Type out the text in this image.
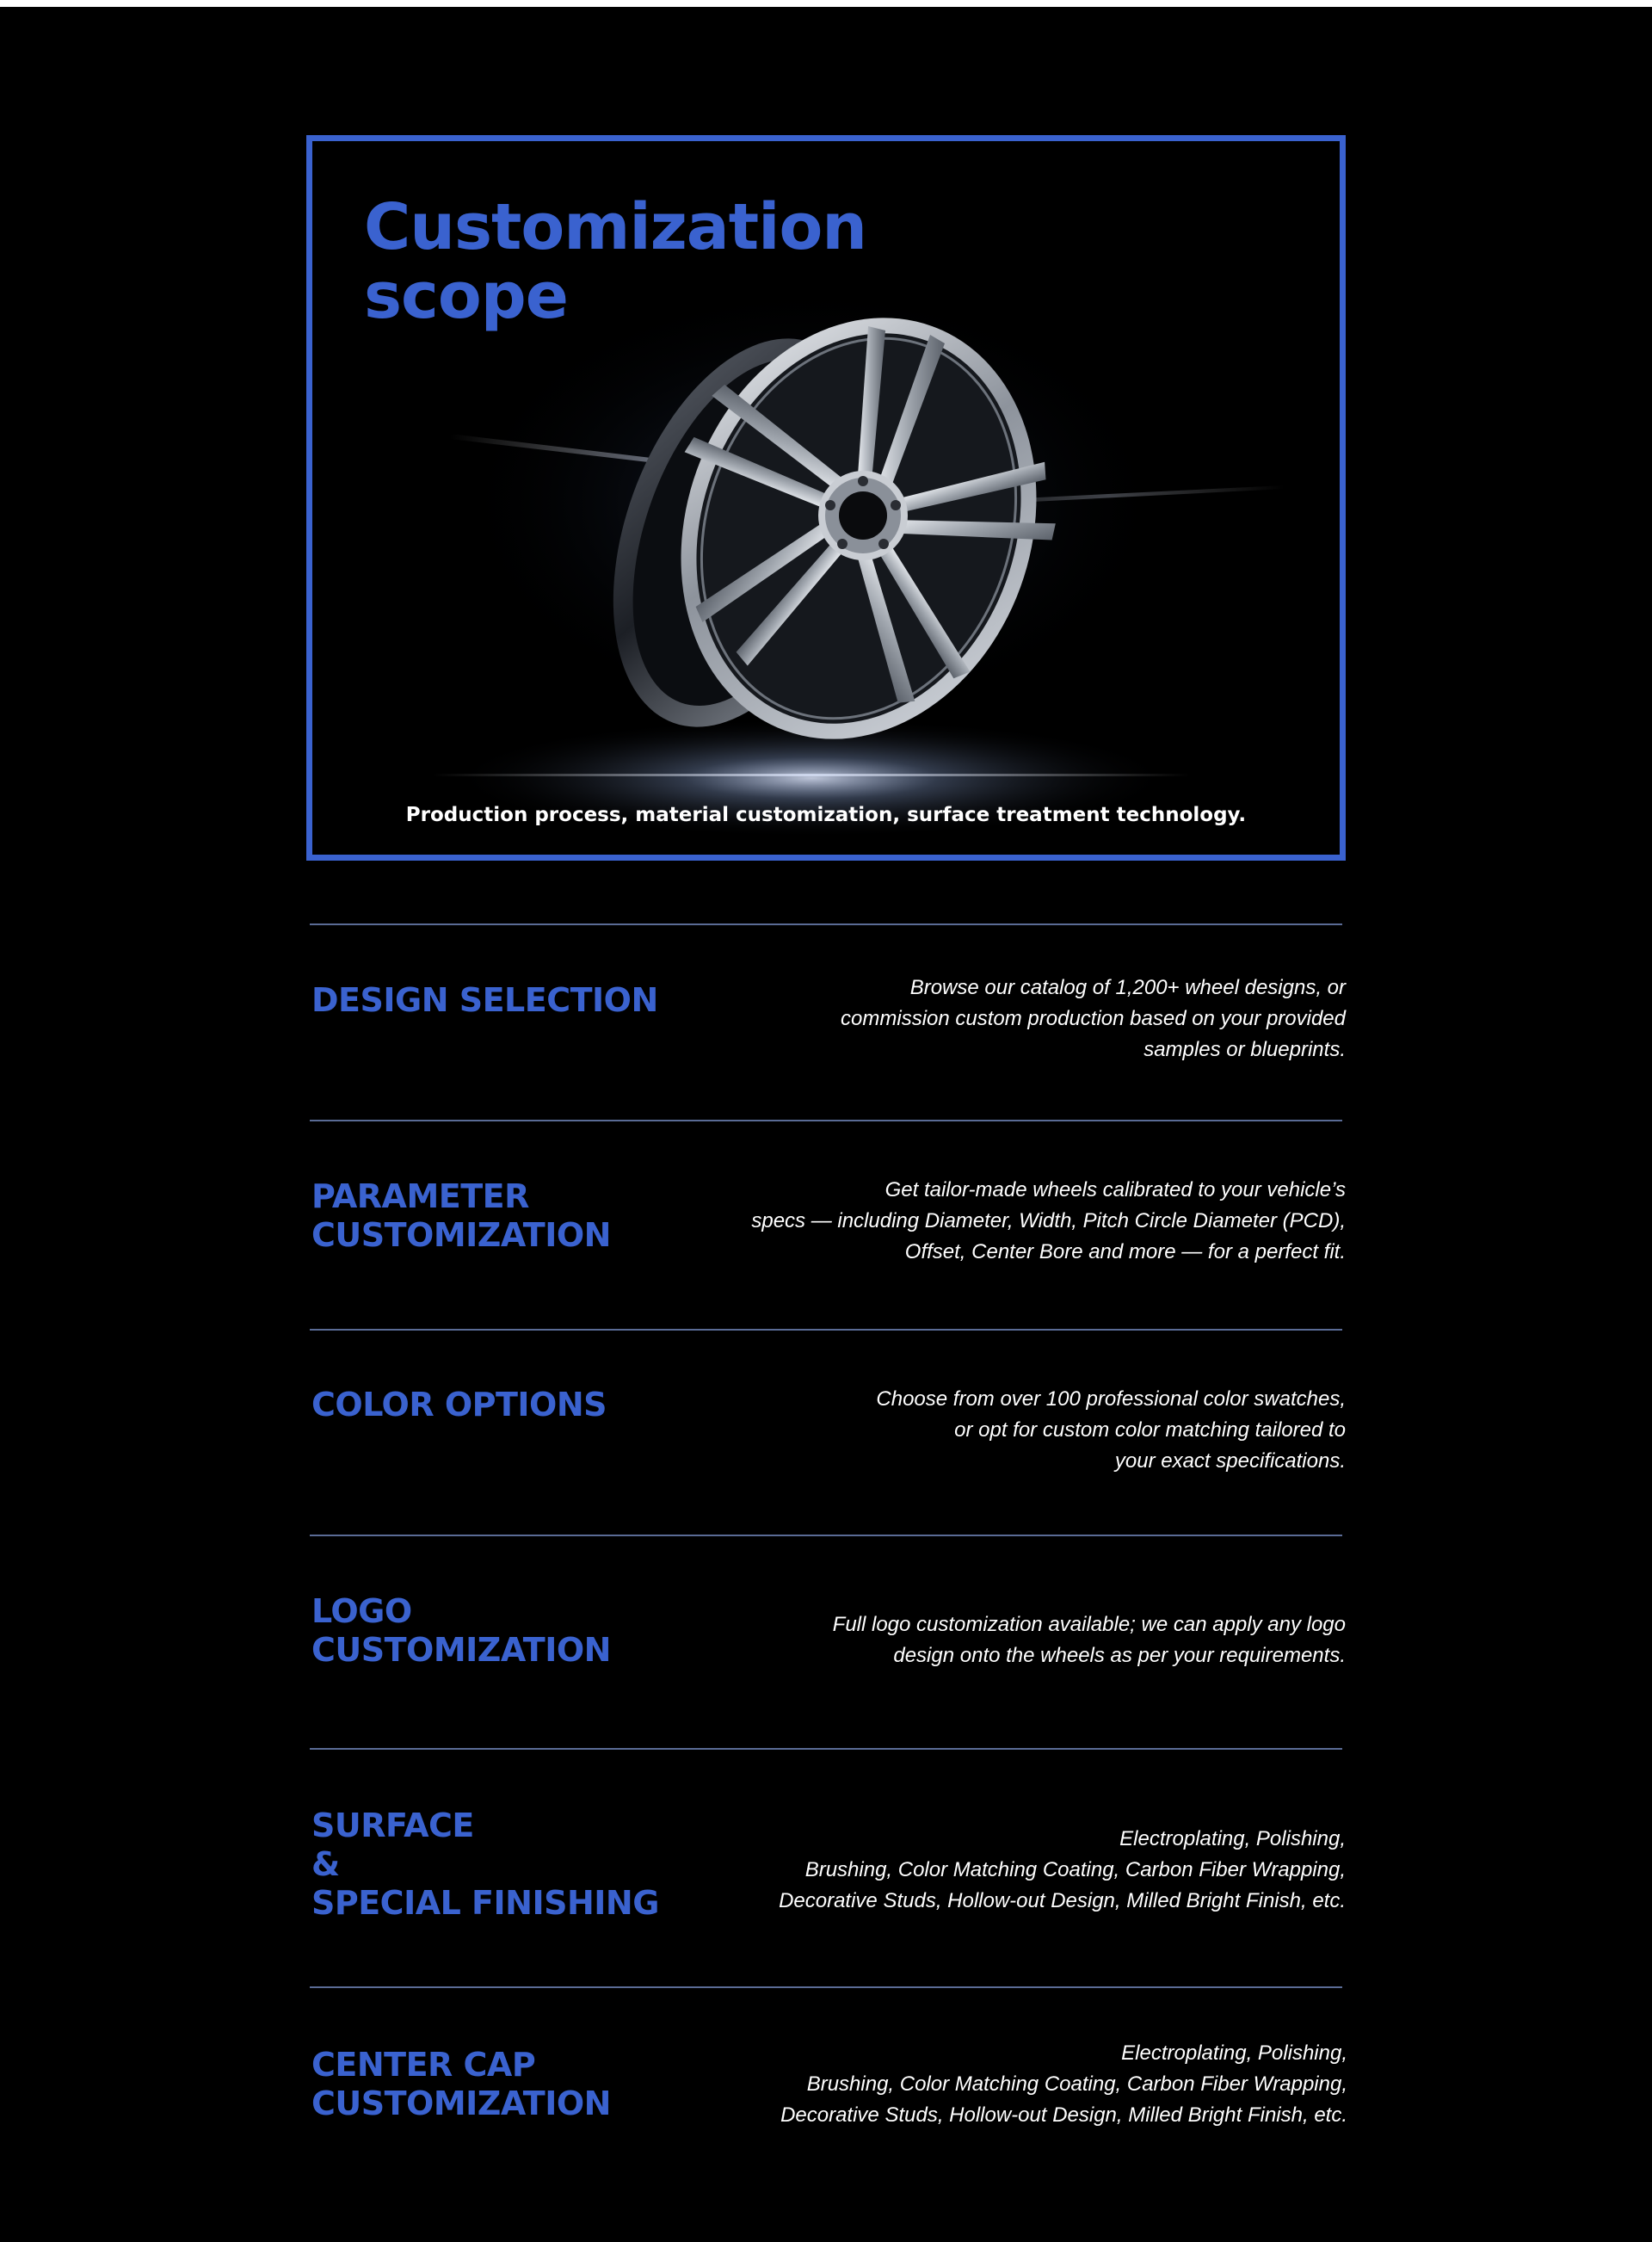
Customization
scope
Production process, material customization, surface treatment technology.
DESIGN SELECTION	Browse our catalog of 1,200+ wheel designs, or
commission custom production based on your provided
samples or blueprints.

PARAMETER
CUSTOMIZATION

Get tailor-made wheels calibrated to your vehicle’s
specs — including Diameter, Width, Pitch Circle Diameter (PCD),
Offset, Center Bore and more — for a perfect fit.

COLOR OPTIONS	Choose from over 100 professional color swatches,
or opt for custom color matching tailored to
your exact specifications.

LOGO
CUSTOMIZATION

Full logo customization available; we can apply any logo
design onto the wheels as per your requirements.

SURFACE
&
SPECIAL FINISHING

Electroplating, Polishing,
Brushing, Color Matching Coating, Carbon Fiber Wrapping,
Decorative Studs, Hollow-out Design, Milled Bright Finish, etc.

CENTER CAP
CUSTOMIZATION

Electroplating, Polishing,
Brushing, Color Matching Coating, Carbon Fiber Wrapping,
Decorative Studs, Hollow-out Design, Milled Bright Finish, etc.
